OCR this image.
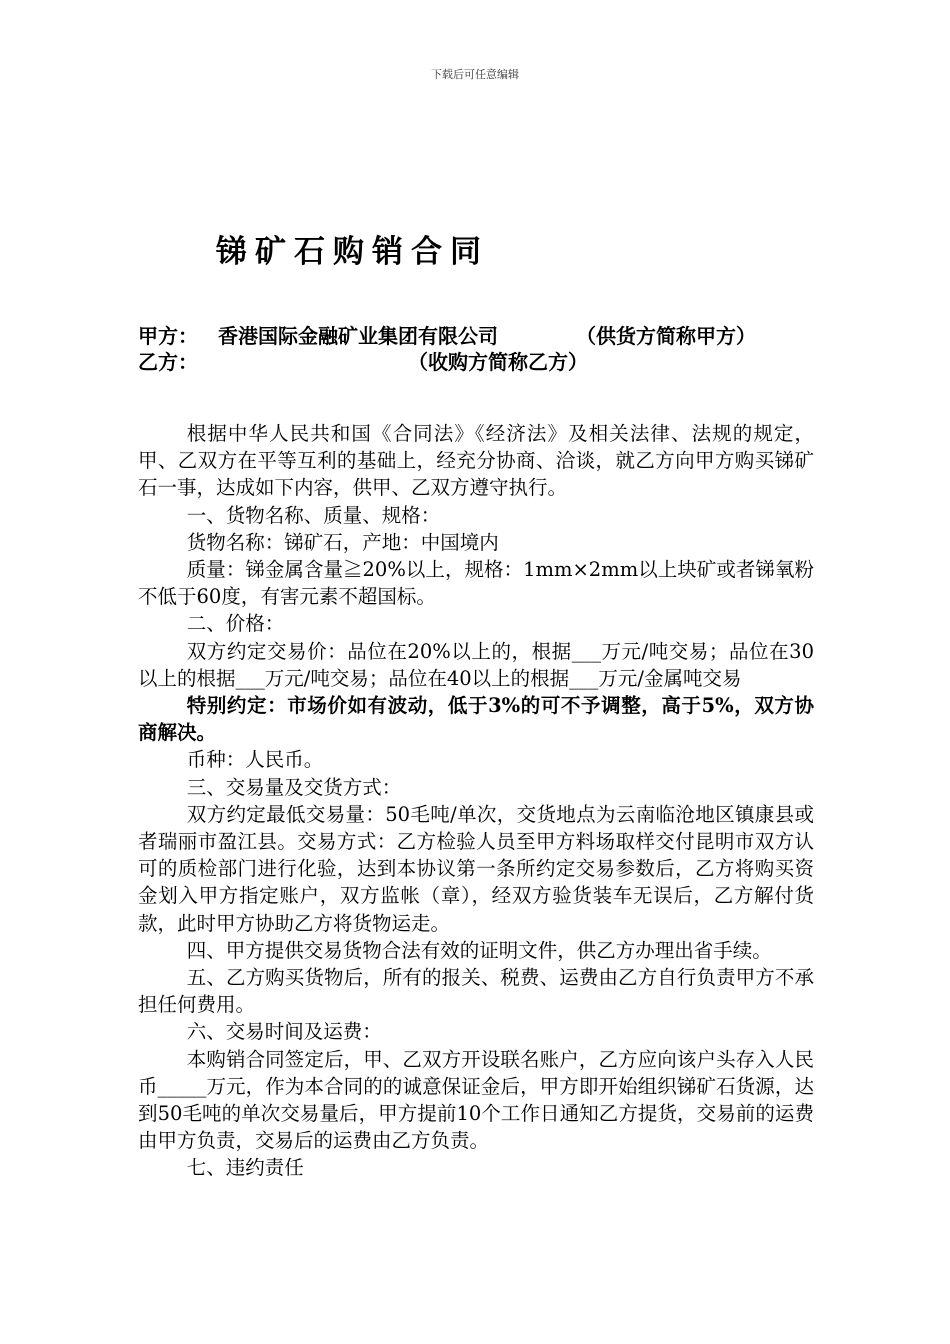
下载后可任意编辑
锑矿石购销合同
甲方： 香港国际金融矿业集团有限公司	（供货方简称甲方）
乙方：	（收购方简称乙方）

根据中华人民共和国《合同法》《经济法》及相关法律、法规的规定，甲、乙双方在平等互利的基础上，经充分协商、洽谈，就乙方向甲方购买锑矿石一事，达成如下内容，供甲、乙双方遵守执行。

一、货物名称、质量、规格：

货物名称：锑矿石，产地：中国境内

质量：锑金属含量≧20%以上，规格：1mm×2mm以上块矿或者锑氧粉不低于60度，有害元素不超国标。

二、价格：

双方约定交易价：品位在20%以上的，根据___万元/吨交易；品位在30以上的根据___万元/吨交易；品位在40以上的根据___万元/金属吨交易

特别约定：市场价如有波动，低于3%的可不予调整，高于5%，双方协商解决。

币种：人民币。

三、交易量及交货方式：

双方约定最低交易量：50毛吨/单次，交货地点为云南临沧地区镇康县或者瑞丽市盈江县。交易方式：乙方检验人员至甲方料场取样交付昆明市双方认可的质检部门进行化验，达到本协议第一条所约定交易参数后，乙方将购买资金划入甲方指定账户，双方监帐（章），经双方验货装车无误后，乙方解付货款，此时甲方协助乙方将货物运走。

四、甲方提供交易货物合法有效的证明文件，供乙方办理出省手续。

五、乙方购买货物后，所有的报关、税费、运费由乙方自行负责甲方不承担任何费用。

六、交易时间及运费：

本购销合同签定后，甲、乙双方开设联名账户，乙方应向该户头存入人民币_____万元，作为本合同的的诚意保证金后，甲方即开始组织锑矿石货源，达到50毛吨的单次交易量后，甲方提前10个工作日通知乙方提货，交易前的运费由甲方负责，交易后的运费由乙方负责。

七、违约责任
